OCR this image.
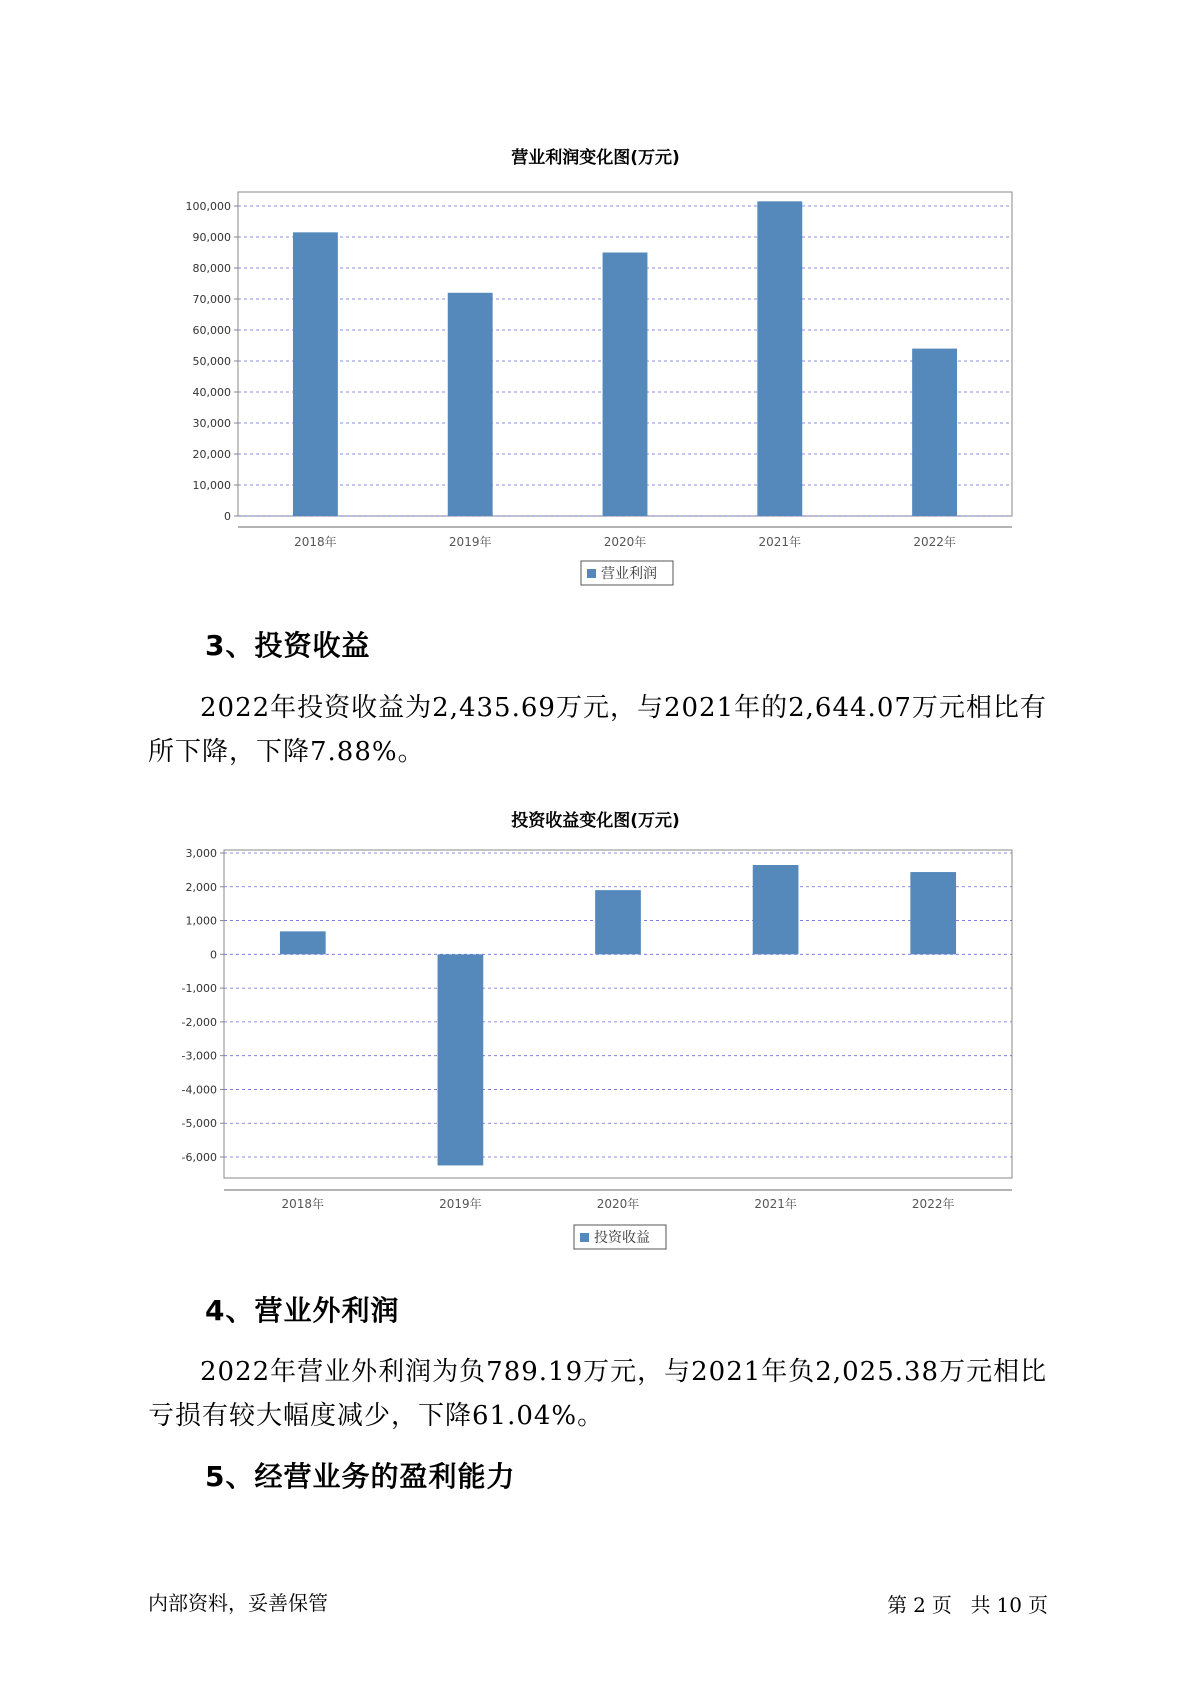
营业利润变化图(万元)
0
10,000
20,000
30,000
40,000
50,000
60,000
70,000
80,000
90,000
100,000
2018年	2019年	2020年	2021年	2022年
营业利润
3、投资收益

2022年投资收益为2,435.69万元，与2021年的2,644.07万元相比有所下降，下降7.88%。

投资收益变化图(万元)
3,000
2,000
1,000
0
-1,000
-2,000
-3,000
-4,000
-5,000
-6,000
2018年	2019年	2020年	2021年	2022年
投资收益
4、营业外利润

2022年营业外利润为负789.19万元，与2021年负2,025.38万元相比亏损有较大幅度减少，下降61.04%。

5、经营业务的盈利能力
内部资料，妥善保管	第 2 页 共 10 页
